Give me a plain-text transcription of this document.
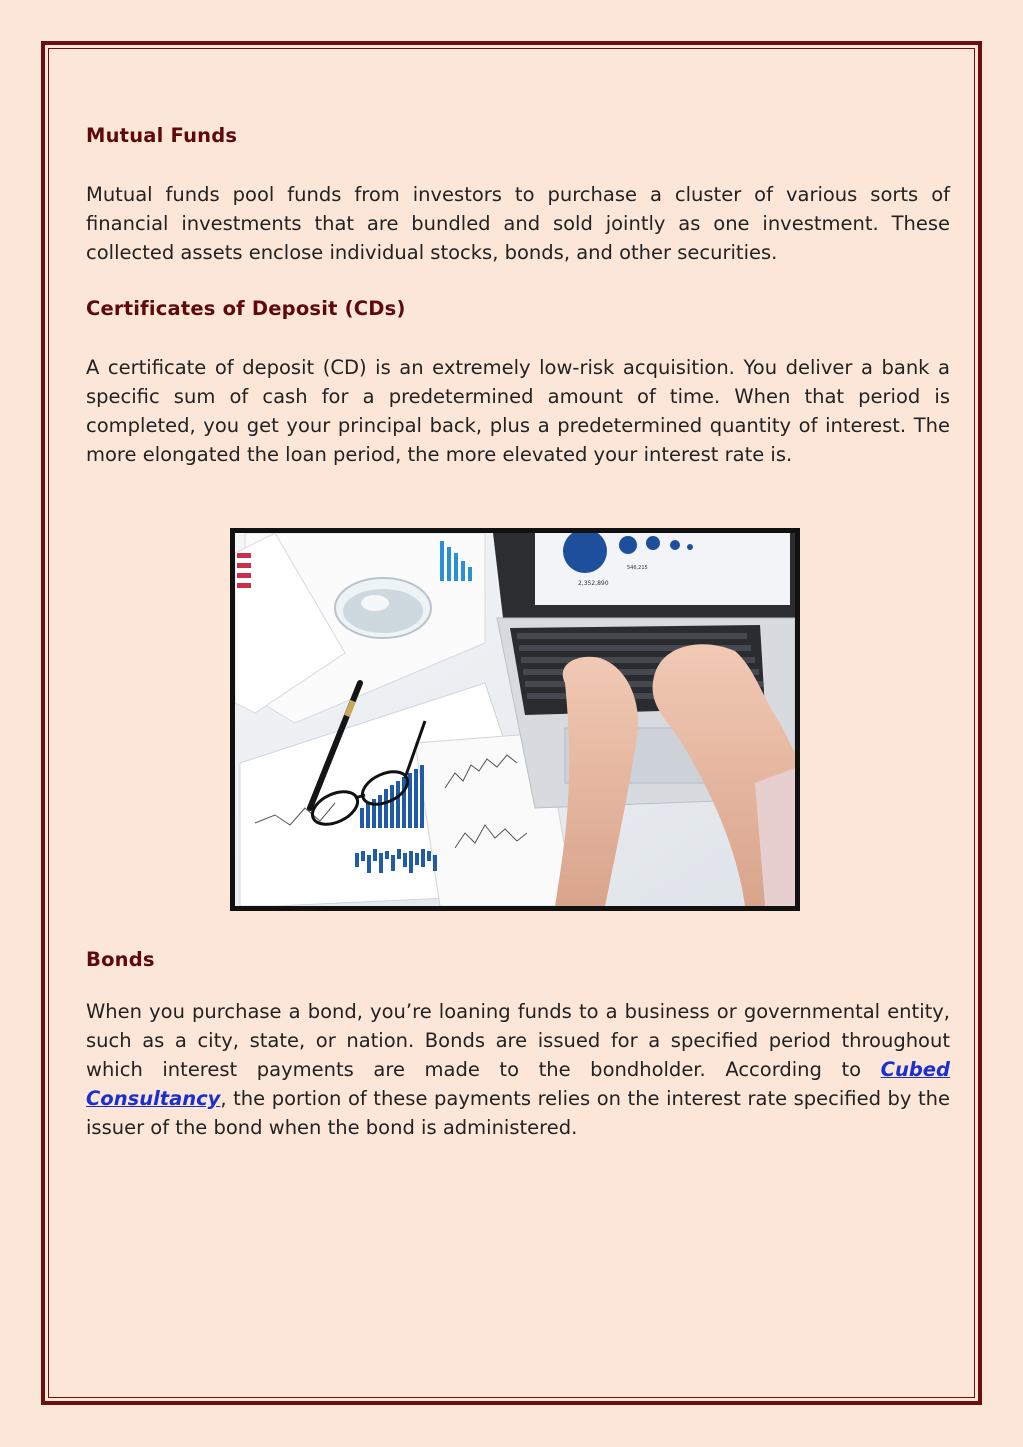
Mutual Funds

Mutual funds pool funds from investors to purchase a cluster of various sorts of financial investments that are bundled and sold jointly as one investment. These collected assets enclose individual stocks, bonds, and other securities.

Certificates of Deposit (CDs)

A certificate of deposit (CD) is an extremely low-risk acquisition. You deliver a bank a specific sum of cash for a predetermined amount of time. When that period is completed, you get your principal back, plus a predetermined quantity of interest. The more elongated the loan period, the more elevated your interest rate is.

Bonds

When you purchase a bond, you’re loaning funds to a business or governmental entity, such as a city, state, or nation. Bonds are issued for a specified period throughout which interest payments are made to the bondholder. According to Cubed Consultancy, the portion of these payments relies on the interest rate specified by the issuer of the bond when the bond is administered.

2,352,890
546,215
